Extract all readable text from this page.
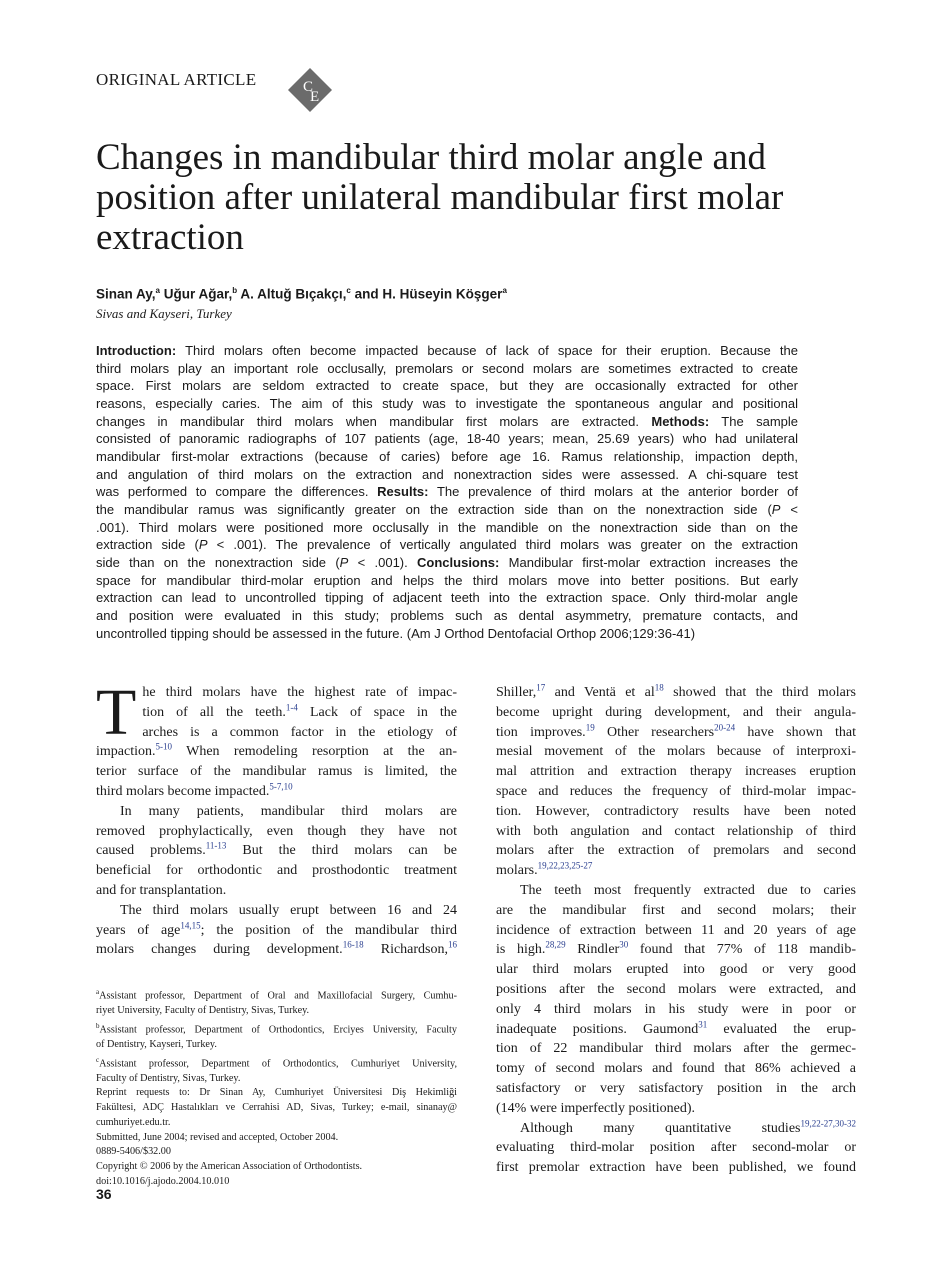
ORIGINAL ARTICLE	C
E
Changes in mandibular third molar angle and
position after unilateral mandibular first molar
extraction
Sinan Ay,$^a$ Uğur Ağar,$^b$ A. Altuğ Bıçakçı,$^c$ and H. Hüseyin Köşger$^a$
Sivas and Kayseri, Turkey
Introduction: Third molars often become impacted because of lack of space for their eruption. Because the
third molars play an important role occlusally, premolars or second molars are sometimes extracted to create
space. First molars are seldom extracted to create space, but they are occasionally extracted for other
reasons, especially caries. The aim of this study was to investigate the spontaneous angular and positional
changes in mandibular third molars when mandibular first molars are extracted. Methods: The sample
consisted of panoramic radiographs of 107 patients (age, 18-40 years; mean, 25.69 years) who had unilateral
mandibular first-molar extractions (because of caries) before age 16. Ramus relationship, impaction depth,
and angulation of third molars on the extraction and nonextraction sides were assessed. A chi-square test
was performed to compare the differences. Results: The prevalence of third molars at the anterior border of
the mandibular ramus was significantly greater on the extraction side than on the nonextraction side (P <
.001). Third molars were positioned more occlusally in the mandible on the nonextraction side than on the
extraction side (P < .001). The prevalence of vertically angulated third molars was greater on the extraction
side than on the nonextraction side (P < .001). Conclusions: Mandibular first-molar extraction increases the
space for mandibular third-molar eruption and helps the third molars move into better positions. But early
extraction can lead to uncontrolled tipping of adjacent teeth into the extraction space. Only third-molar angle
and position were evaluated in this study; problems such as dental asymmetry, premature contacts, and
uncontrolled tipping should be assessed in the future. (Am J Orthod Dentofacial Orthop 2006;129:36-41)
T he third molars have the highest rate of impac-
tion of all the teeth.$^{1-4}$ Lack of space in the
arches is a common factor in the etiology of
impaction.$^{5-10}$ When remodeling resorption at the an-
terior surface of the mandibular ramus is limited, the
third molars become impacted.$^{5-7,10}$
In many patients, mandibular third molars are
removed prophylactically, even though they have not
caused problems.$^{11-13}$ But the third molars can be
beneficial for orthodontic and prosthodontic treatment
and for transplantation.
The third molars usually erupt between 16 and 24
years of age$^{14,15}$; the position of the mandibular third
molars changes during development.$^{16-18}$ Richardson,$^{16}$
$^a$Assistant professor, Department of Oral and Maxillofacial Surgery, Cumhu-
riyet University, Faculty of Dentistry, Sivas, Turkey.
$^b$Assistant professor, Department of Orthodontics, Erciyes University, Faculty
of Dentistry, Kayseri, Turkey.
$^c$Assistant professor, Department of Orthodontics, Cumhuriyet University,
Faculty of Dentistry, Sivas, Turkey.
Reprint requests to: Dr Sinan Ay, Cumhuriyet Üniversitesi Diş Hekimliği
Fakültesi, ADÇ Hastalıkları ve Cerrahisi AD, Sivas, Turkey; e-mail, sinanay@
cumhuriyet.edu.tr.
Submitted, June 2004; revised and accepted, October 2004.
0889-5406/$32.00
Copyright © 2006 by the American Association of Orthodontists.
doi:10.1016/j.ajodo.2004.10.010
Shiller,$^{17}$ and Ventä et $al^{18}$ showed that the third molars
become upright during development, and their angula-
tion improves.$^{19}$ Other researchers$^{20-24}$ have shown that
mesial movement of the molars because of interproxi-
mal attrition and extraction therapy increases eruption
space and reduces the frequency of third-molar impac-
tion. However, contradictory results have been noted
with both angulation and contact relationship of third
molars after the extraction of premolars and second
molars.$^{19,22,23,25-27}$
The teeth most frequently extracted due to caries
are the mandibular first and second molars; their
incidence of extraction between 11 and 20 years of age
is high.$^{28,29}$ Rindler$^{30}$ found that 77% of 118 mandib-
ular third molars erupted into good or very good
positions after the second molars were extracted, and
only 4 third molars in his study were in poor or
inadequate positions. Gaumond$^{31}$ evaluated the erup-
tion of 22 mandibular third molars after the germec-
tomy of second molars and found that 86% achieved a
satisfactory or very satisfactory position in the arch
(14% were imperfectly positioned).
Although many quantitative studies$^{19,22-27,30-32}$
evaluating third-molar position after second-molar or
first premolar extraction have been published, we found
36
